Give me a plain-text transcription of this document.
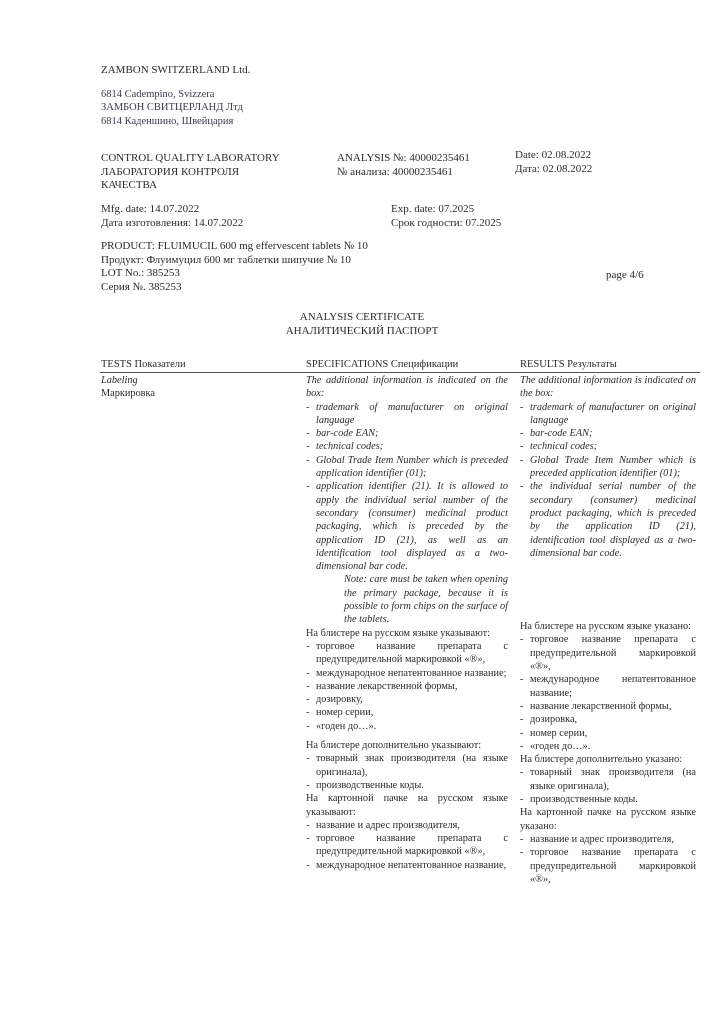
ZAMBON SWITZERLAND Ltd.
6814 Cadempino, Svizzera
ЗАМБОН СВИТЦЕРЛАНД Лтд
6814 Каденшино, Швейцария
CONTROL QUALITY LABORATORY
ЛАБОРАТОРИЯ КОНТРОЛЯ
КАЧЕСТВА
ANALYSIS №: 40000235461
№ анализа: 40000235461
Date: 02.08.2022
Дата: 02.08.2022
Mfg. date: 14.07.2022
Дата изготовления: 14.07.2022
Exp. date: 07.2025
Срок годности: 07.2025
PRODUCT: FLUIMUCIL 600 mg effervescent tablets № 10
Продукт: Флуимуцил 600 мг таблетки шипучие № 10
LOT No.: 385253
Серия №. 385253
page 4/6
ANALYSIS CERTIFICATE
АНАЛИТИЧЕСКИЙ ПАСПОРТ
TESTS Показатели	SPECIFICATIONS Спецификации	RESULTS Результаты
Labeling
Маркировка
The additional information is indicated on the box:
- trademark of manufacturer on original language
- bar-code EAN;
- technical codes;
- Global Trade Item Number which is preceded application identifier (01);
- application identifier (21). It is allowed to apply the individual serial number of the secondary (consumer) medicinal product packaging, which is preceded by the application ID (21), as well as an identification tool displayed as a two-dimensional bar code.
Note: care must be taken when opening the primary package, because it is possible to form chips on the surface of the tablets.
На блистере на русском языке указывают:
- торговое название препарата с предупредительной маркировкой «®»,
- международное непатентованное название;
- название лекарственной формы,
- дозировку,
- номер серии,
- «годен до…».
На блистере дополнительно указывают:
- товарный знак производителя (на языке оригинала),
- производственные коды.
На картонной пачке на русском языке указывают:
- название и адрес производителя,
- торговое название препарата с предупредительной маркировкой «®»,
- международное непатентованное название,
The additional information is indicated on the box:
- trademark of manufacturer on original language
- bar-code EAN;
- technical codes;
- Global Trade Item Number which is preceded application identifier (01);
- the individual serial number of the secondary (consumer) medicinal product packaging, which is preceded by the application ID (21), identification tool displayed as a two-dimensional bar code.
На блистере на русском языке указано:
- торговое название препарата с предупредительной маркировкой «®»,
- международное непатентованное название;
- название лекарственной формы,
- дозировка,
- номер серии,
- «годен до…».
На блистере дополнительно указано:
- товарный знак производителя (на языке оригинала),
- производственные коды.
На картонной пачке на русском языке указано:
- название и адрес производителя,
- торговое название препарата с предупредительной маркировкой «®»,
